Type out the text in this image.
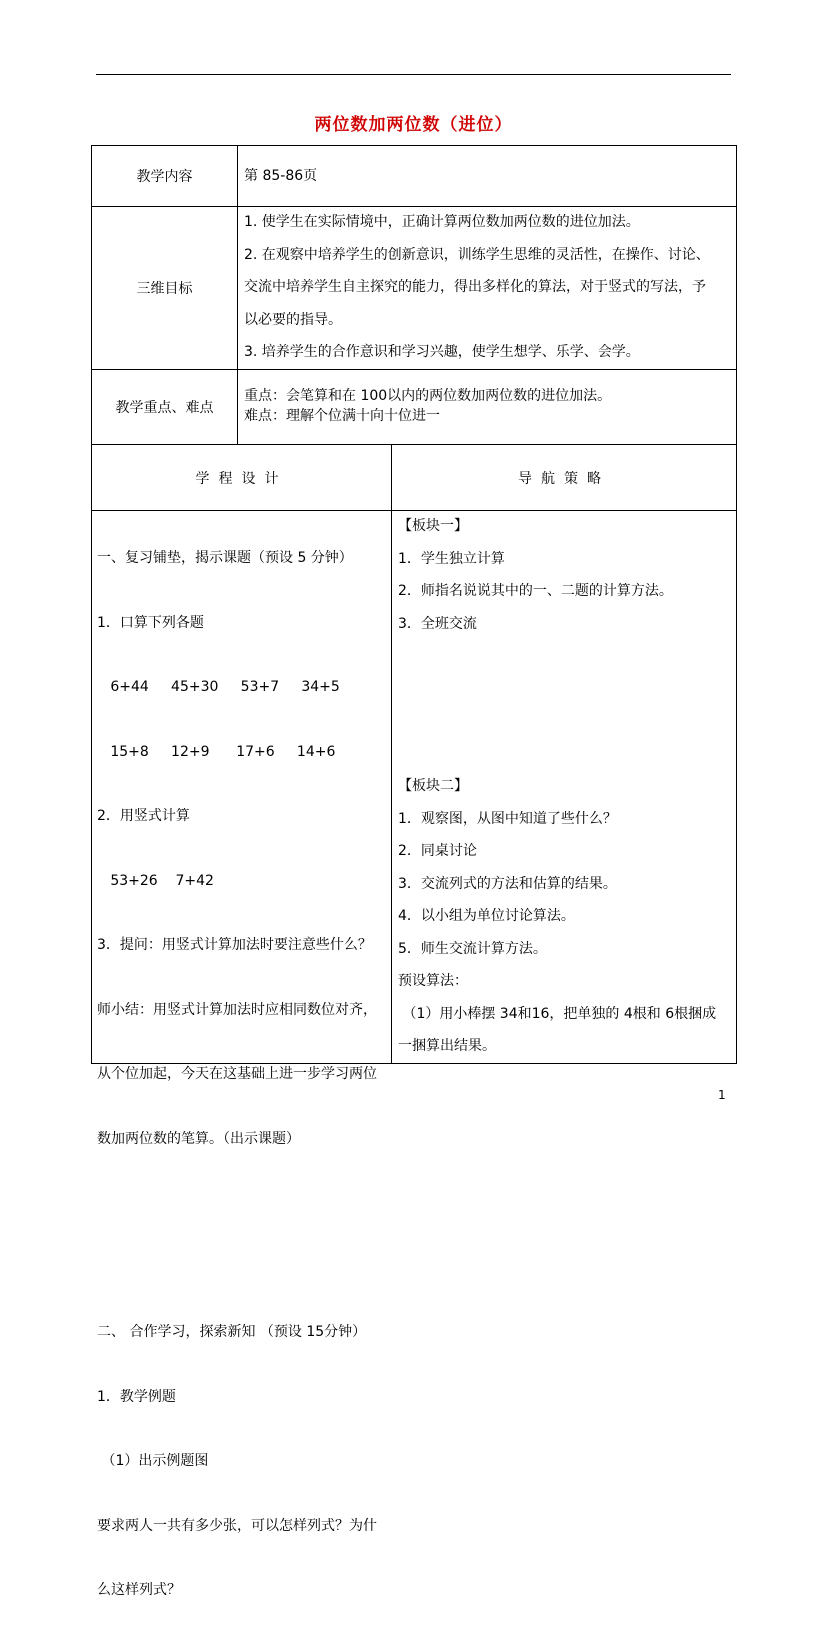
两位数加两位数（进位）
教学内容	第 85-86页
三维目标
1. 使学生在实际情境中，正确计算两位数加两位数的进位加法。
2. 在观察中培养学生的创新意识，训练学生思维的灵活性，在操作、讨论、
交流中培养学生自主探究的能力，得出多样化的算法，对于竖式的写法，予
以必要的指导。
3. 培养学生的合作意识和学习兴趣，使学生想学、乐学、会学。
教学重点、难点
重点：会笔算和在 100以内的两位数加两位数的进位加法。
难点：理解个位满十向十位进一
学程设计	导航策略

一、复习铺垫，揭示课题（预设 5 分钟）

1．口算下列各题

6+44     45+30     53+7     34+5

15+8     12+9      17+6     14+6

2．用竖式计算

53+26    7+42

3．提问：用竖式计算加法时要注意些什么？

师小结：用竖式计算加法时应相同数位对齐，

从个位加起，今天在这基础上进一步学习两位

数加两位数的笔算。（出示课题）

二、 合作学习，探索新知 （预设 15分钟）

1．教学例题

（1）出示例题图

要求两人一共有多少张，可以怎样列式？为什

么这样列式？

【板块一】
1．学生独立计算
2．师指名说说其中的一、二题的计算方法。
3．全班交流
【板块二】
1．观察图，从图中知道了些什么？
2．同桌讨论
3．交流列式的方法和估算的结果。
4．以小组为单位讨论算法。
5．师生交流计算方法。
预设算法：
（1）用小棒摆 34和16，把单独的 4根和 6根捆成
一捆算出结果。
1
